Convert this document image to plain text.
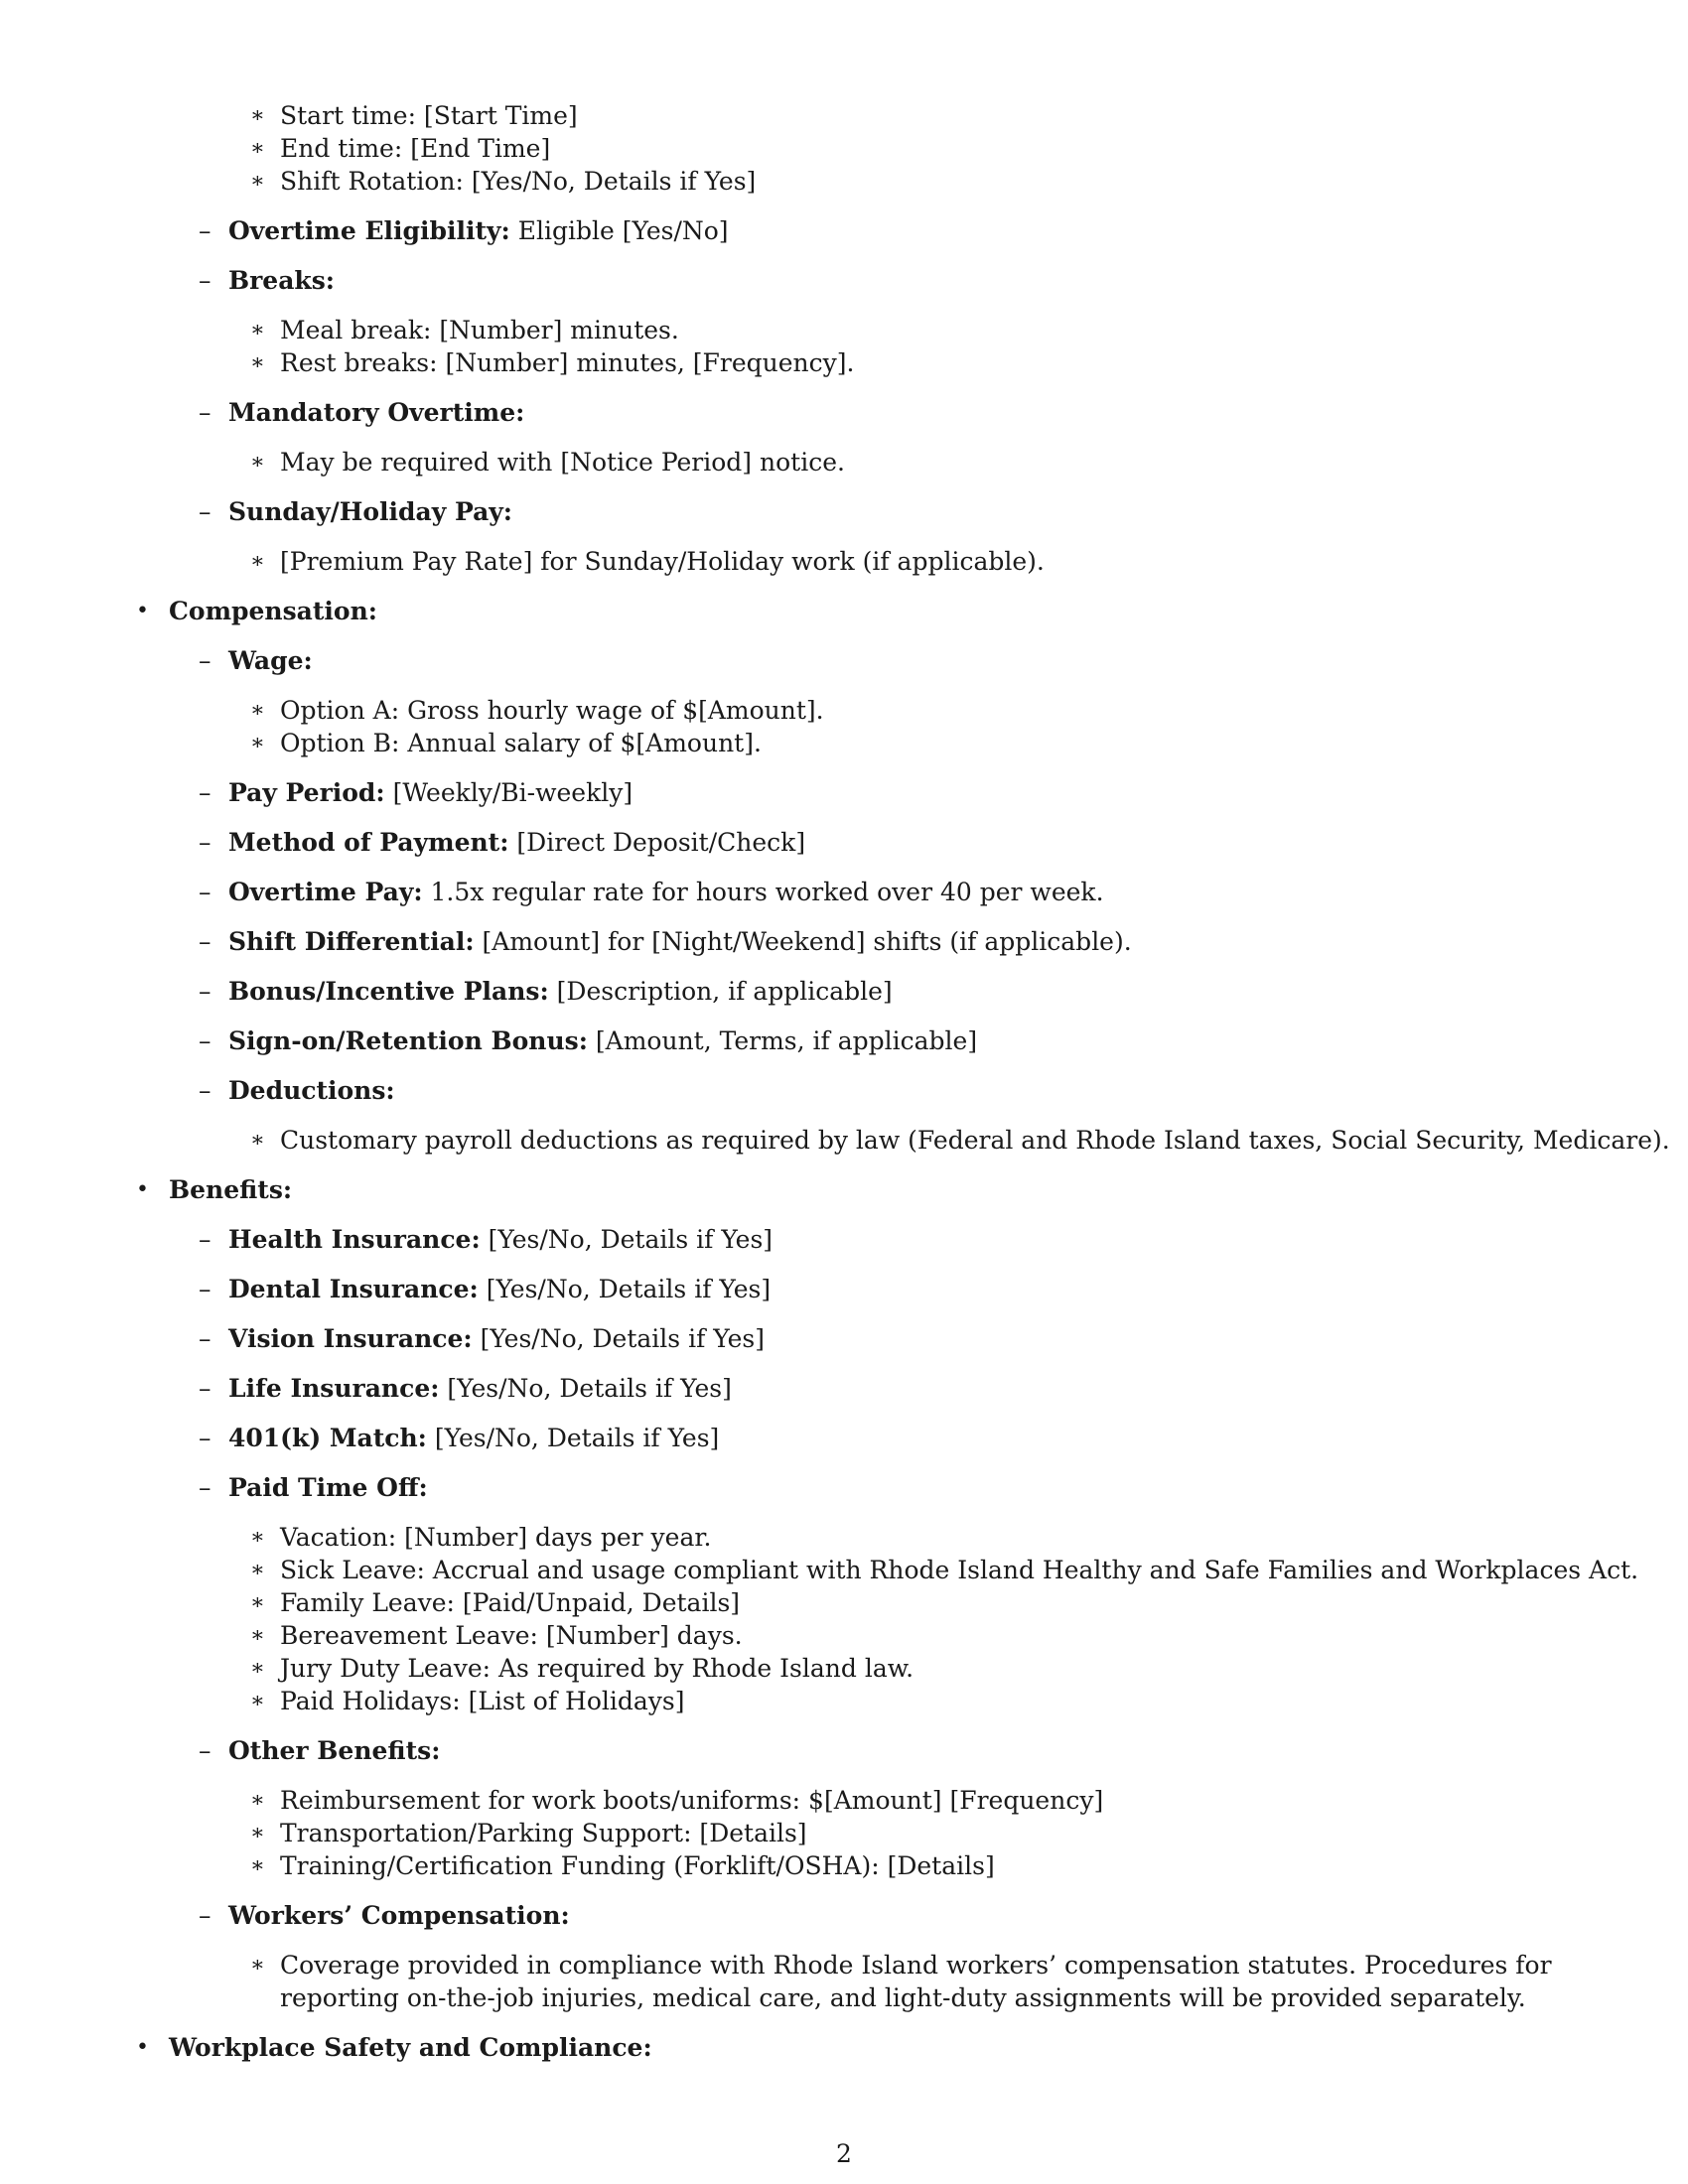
∗ Start time: [Start Time]
∗ End time: [End Time]
∗ Shift Rotation: [Yes/No, Details if Yes]
– Overtime Eligibility: Eligible [Yes/No]
– Breaks:
∗ Meal break: [Number] minutes.
∗ Rest breaks: [Number] minutes, [Frequency].
– Mandatory Overtime:
∗ May be required with [Notice Period] notice.
– Sunday/Holiday Pay:
∗ [Premium Pay Rate] for Sunday/Holiday work (if applicable).
• Compensation:
– Wage:
∗ Option A: Gross hourly wage of $[Amount].
∗ Option B: Annual salary of $[Amount].
– Pay Period: [Weekly/Bi-weekly]
– Method of Payment: [Direct Deposit/Check]
– Overtime Pay: 1.5x regular rate for hours worked over 40 per week.
– Shift Differential: [Amount] for [Night/Weekend] shifts (if applicable).
– Bonus/Incentive Plans: [Description, if applicable]
– Sign-on/Retention Bonus: [Amount, Terms, if applicable]
– Deductions:
∗ Customary payroll deductions as required by law (Federal and Rhode Island taxes, Social Security, Medicare).
• Benefits:
– Health Insurance: [Yes/No, Details if Yes]
– Dental Insurance: [Yes/No, Details if Yes]
– Vision Insurance: [Yes/No, Details if Yes]
– Life Insurance: [Yes/No, Details if Yes]
– 401(k) Match: [Yes/No, Details if Yes]
– Paid Time Off:
∗ Vacation: [Number] days per year.
∗ Sick Leave: Accrual and usage compliant with Rhode Island Healthy and Safe Families and Workplaces Act.
∗ Family Leave: [Paid/Unpaid, Details]
∗ Bereavement Leave: [Number] days.
∗ Jury Duty Leave: As required by Rhode Island law.
∗ Paid Holidays: [List of Holidays]
– Other Benefits:
∗ Reimbursement for work boots/uniforms: $[Amount] [Frequency]
∗ Transportation/Parking Support: [Details]
∗ Training/Certification Funding (Forklift/OSHA): [Details]
– Workers’ Compensation:
∗ Coverage provided in compliance with Rhode Island workers’ compensation statutes. Procedures for reporting on-the-job injuries, medical care, and light-duty assignments will be provided separately.
• Workplace Safety and Compliance:
2
